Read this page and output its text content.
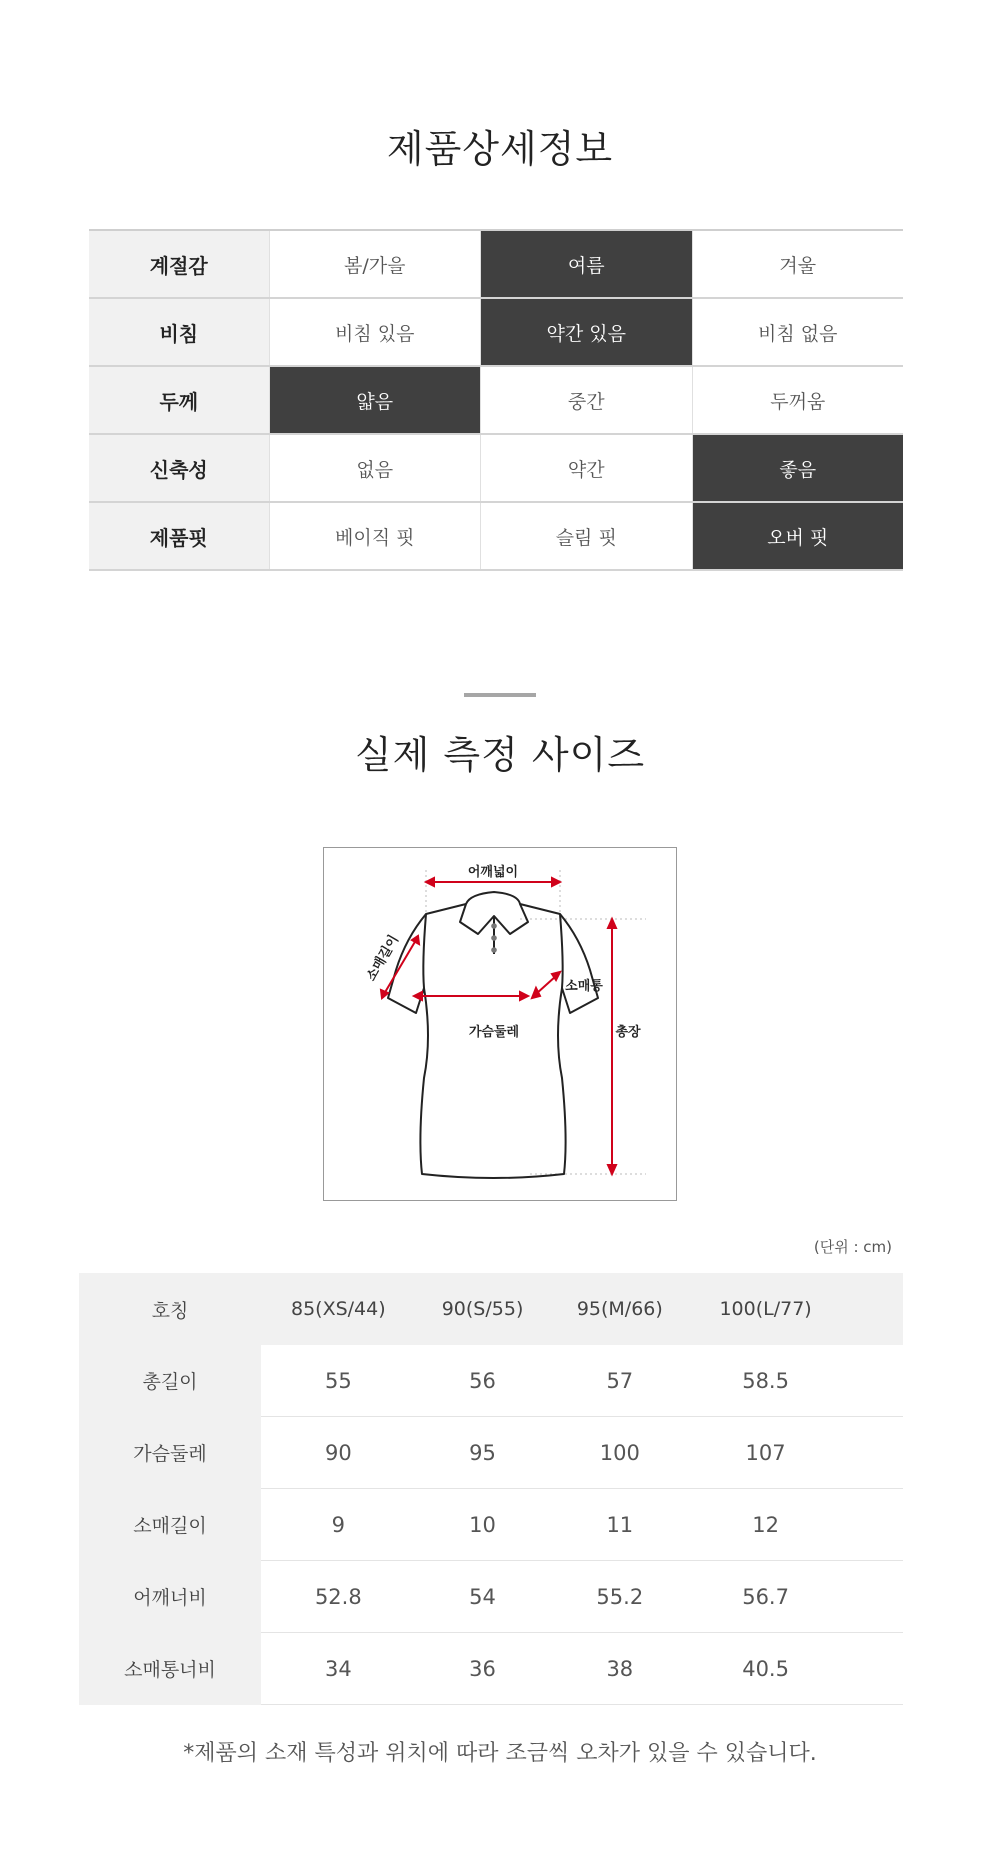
제품상세정보
계절감	봄/가을	여름	겨울
비침	비침 있음	약간 있음	비침 없음
두께	얇음	중간	두꺼움
신축성	없음	약간	좋음
제품핏	베이직 핏	슬림 핏	오버 핏
실제 측정 사이즈
어깨넓이
소매길이
소매통
가슴둘레	총장
(단위 : cm)
호칭	85(XS/44)	90(S/55)	95(M/66)	100(L/77)	
총길이	55	56	57	58.5	
가슴둘레	90	95	100	107	
소매길이	9	10	11	12	
어깨너비	52.8	54	55.2	56.7	
소매통너비	34	36	38	40.5	
*제품의 소재 특성과 위치에 따라 조금씩 오차가 있을 수 있습니다.
